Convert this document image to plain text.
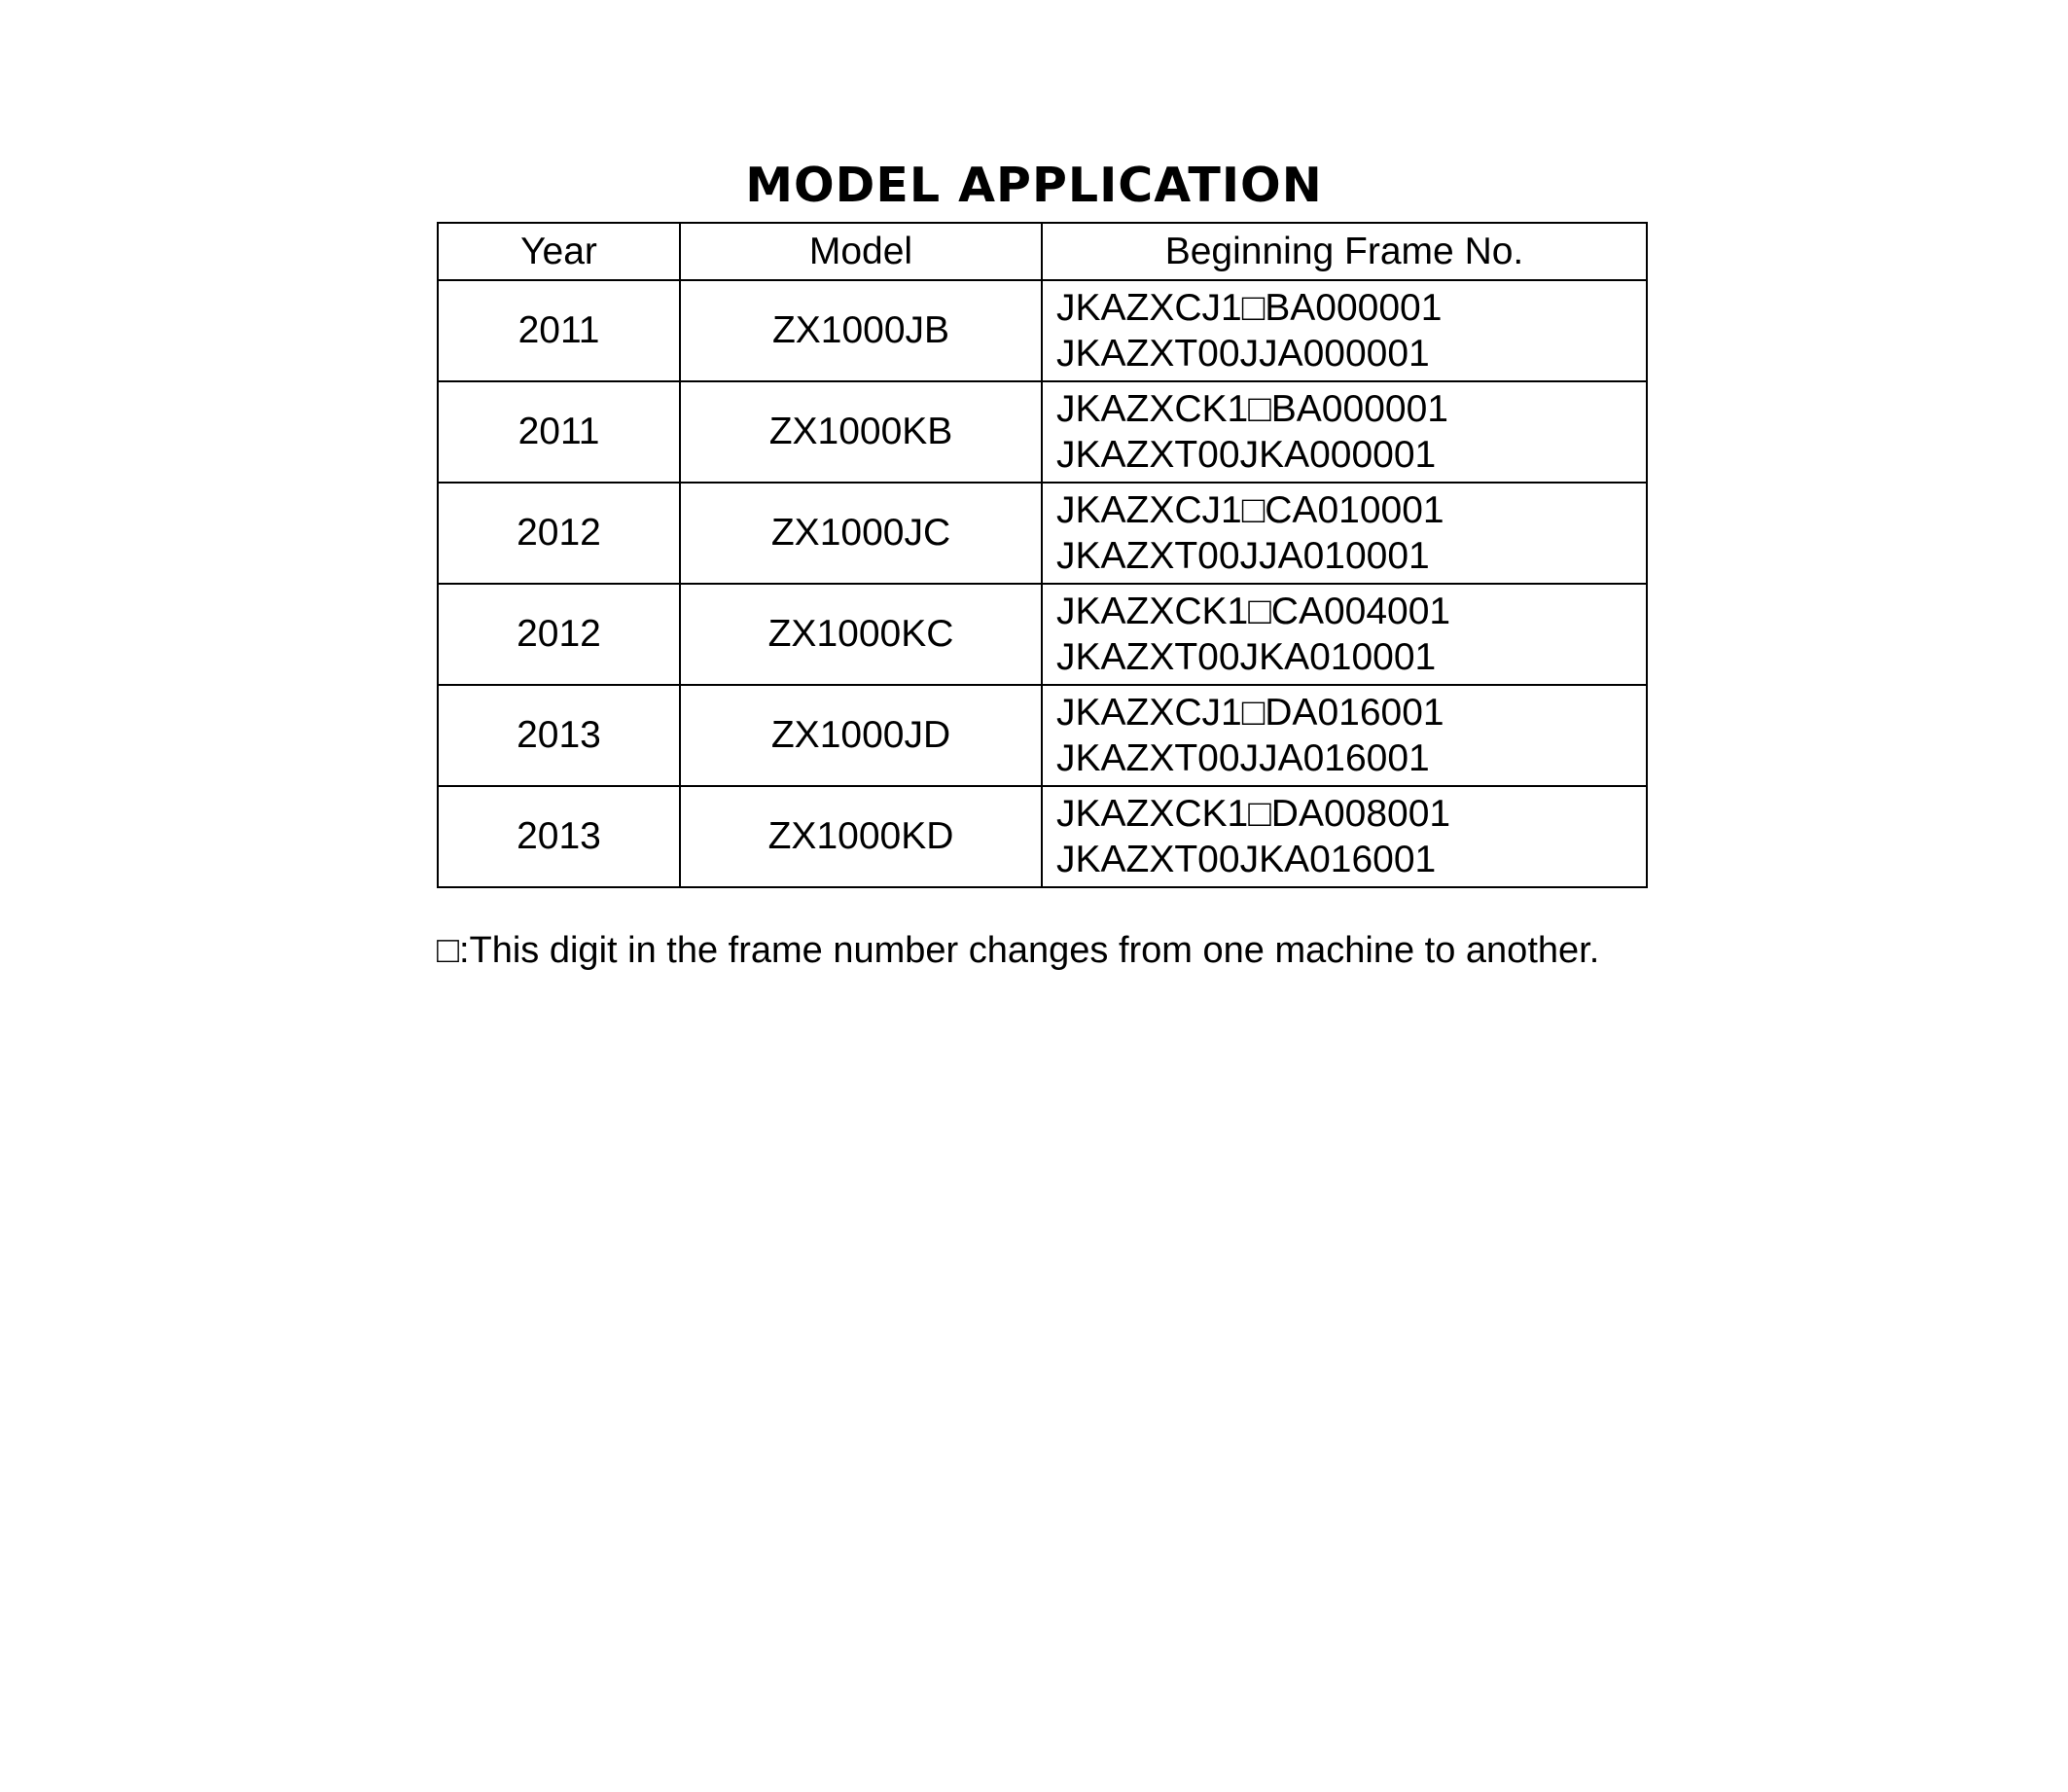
MODEL APPLICATION
Year	Model	Beginning Frame No.
2011	ZX1000JB	JKAZXCJ1□BA000001
JKAZXT00JJA000001

2011	ZX1000KB	JKAZXCK1□BA000001
JKAZXT00JKA000001

2012	ZX1000JC	JKAZXCJ1□CA010001
JKAZXT00JJA010001

2012	ZX1000KC	JKAZXCK1□CA004001
JKAZXT00JKA010001

2013	ZX1000JD	JKAZXCJ1□DA016001
JKAZXT00JJA016001

2013	ZX1000KD	JKAZXCK1□DA008001
JKAZXT00JKA016001
□:This digit in the frame number changes from one machine to another.
